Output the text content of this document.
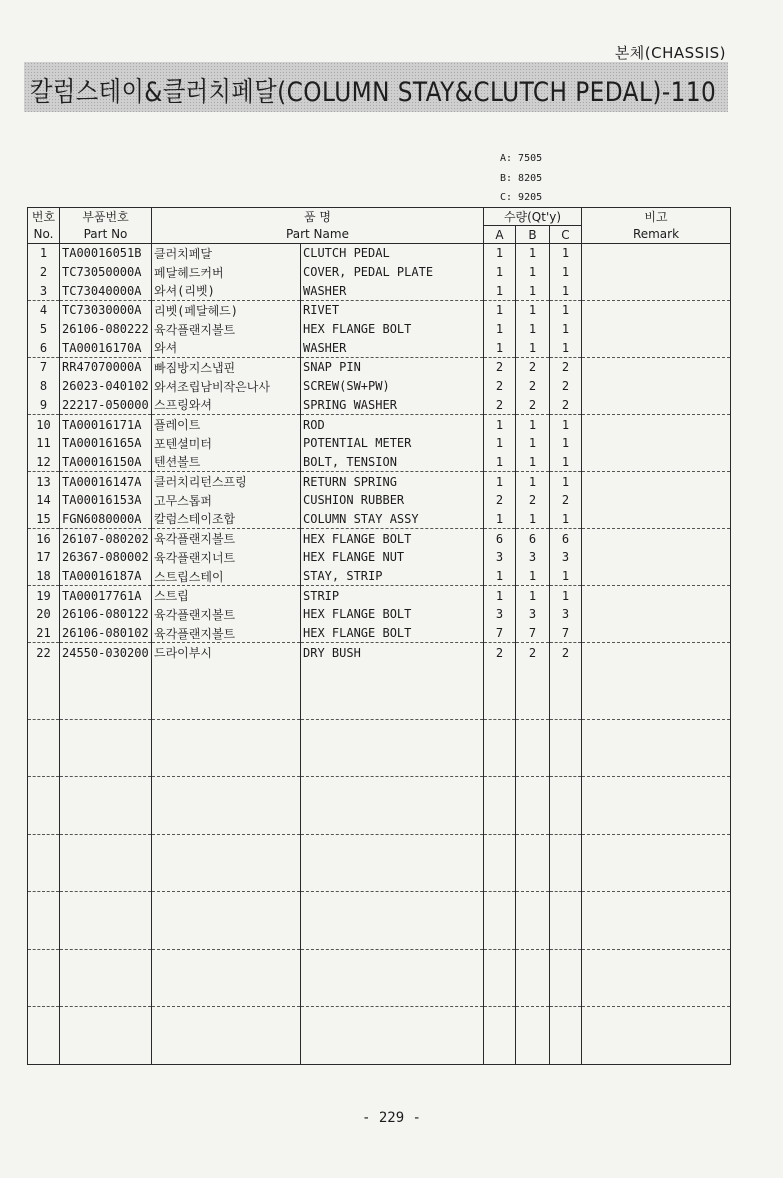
본체(CHASSIS)
칼럼스테이&클러치페달(COLUMN STAY&CLUTCH PEDAL)-110
A: 7505
B: 8205
C: 9205
번호	부품번호	품 명		수량(Qt'y)			비고
No.	Part No	Part Name		A	B	C	Remark
1	TA00016051B	클러치페달	CLUTCH PEDAL	1	1	1	
2	TC73050000A	페달헤드커버	COVER, PEDAL PLATE	1	1	1	
3	TC73040000A	와셔(리벳)	WASHER	1	1	1	
4	TC73030000A	리벳(페달헤드)	RIVET	1	1	1	
5	26106-080222	육각플랜지볼트	HEX FLANGE BOLT	1	1	1	
6	TA00016170A	와셔	WASHER	1	1	1	
7	RR47070000A	빠짐방지스냅핀	SNAP PIN	2	2	2	
8	26023-040102	와셔조립남비작은나사	SCREW(SW+PW)	2	2	2	
9	22217-050000	스프링와셔	SPRING WASHER	2	2	2	
10	TA00016171A	플레이트	ROD	1	1	1	
11	TA00016165A	포텐셜미터	POTENTIAL METER	1	1	1	
12	TA00016150A	텐션볼트	BOLT, TENSION	1	1	1	
13	TA00016147A	클러치리턴스프링	RETURN SPRING	1	1	1	
14	TA00016153A	고무스톱퍼	CUSHION RUBBER	2	2	2	
15	FGN6080000A	칼럼스테이조합	COLUMN STAY ASSY	1	1	1	
16	26107-080202	육각플랜지볼트	HEX FLANGE BOLT	6	6	6	
17	26367-080002	육각플랜지너트	HEX FLANGE NUT	3	3	3	
18	TA00016187A	스트립스테이	STAY, STRIP	1	1	1	
19	TA00017761A	스트립	STRIP	1	1	1	
20	26106-080122	육각플랜지볼트	HEX FLANGE BOLT	3	3	3	
21	26106-080102	육각플랜지볼트	HEX FLANGE BOLT	7	7	7	
22	24550-030200	드라이부시	DRY BUSH	2	2	2	

- 229 -
